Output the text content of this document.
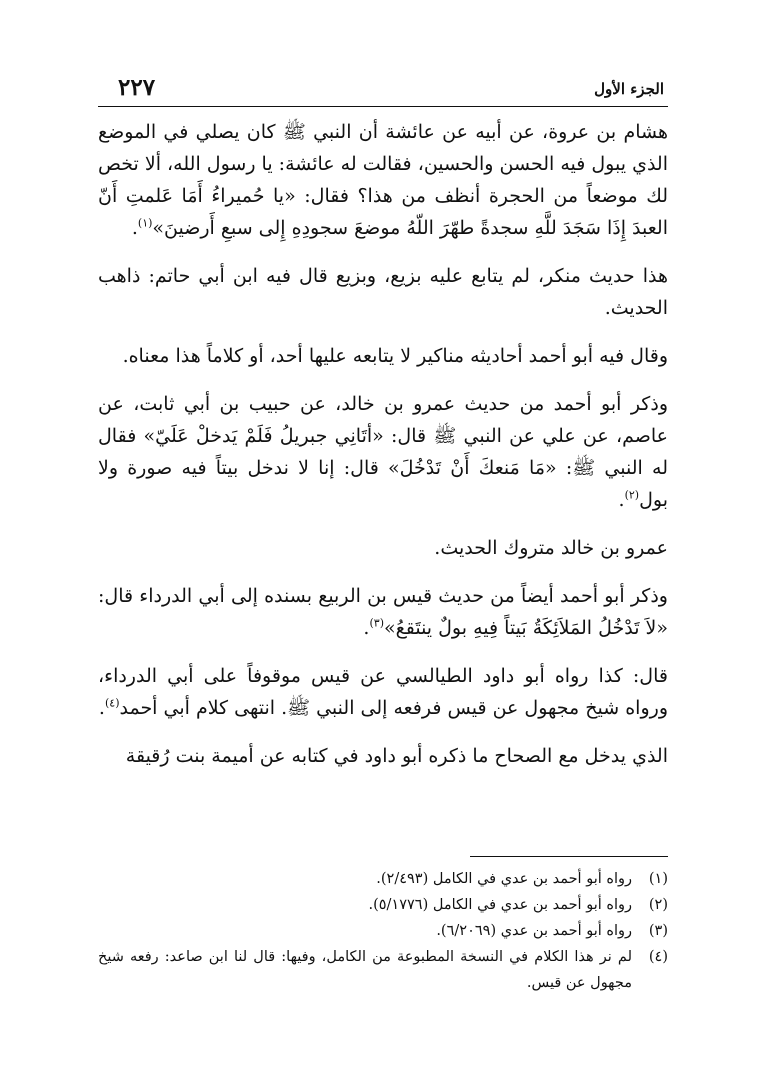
٢٢٧	الجزء الأول

هشام بن عروة، عن أبيه عن عائشة أن النبي ﷺ كان يصلي في الموضع الذي يبول فيه الحسن والحسين، فقالت له عائشة: يا رسول الله، ألا تخص لك موضعاً من الحجرة أنظف من هذا؟ فقال: «يا حُميراءُ أَمَا عَلمتِ أَنّ العبدَ إِذَا سَجَدَ للَّهِ سجدةً طهّرَ اللّهُ موضعَ سجودِهِ إِلى سبعِ أَرضينَ»$^{(١)}$.

هذا حديث منكر، لم يتابع عليه بزيع، وبزيع قال فيه ابن أبي حاتم: ذاهب الحديث.

وقال فيه أبو أحمد أحاديثه مناكير لا يتابعه عليها أحد، أو كلاماً هذا معناه.

وذكر أبو أحمد من حديث عمرو بن خالد، عن حبيب بن أبي ثابت، عن عاصم، عن علي عن النبي ﷺ قال: «أتَانِي جبريلُ فَلَمْ يَدخلْ عَلَيّ» فقال له النبي ﷺ: «مَا مَنعكَ أَنْ تَدْخُلَ» قال: إنا لا ندخل بيتاً فيه صورة ولا بول$^{(٢)}$.

عمرو بن خالد متروك الحديث.

وذكر أبو أحمد أيضاً من حديث قيس بن الربيع بسنده إلى أبي الدرداء قال: «لاَ تَدْخُلُ المَلاَئِكَةُ بَيتاً فِيهِ بولٌ ينتَقعُ»$^{(٣)}$.

قال: كذا رواه أبو داود الطيالسي عن قيس موقوفاً على أبي الدرداء، ورواه شيخ مجهول عن قيس فرفعه إلى النبي ﷺ. انتهى كلام أبي أحمد$^{(٤)}$.

الذي يدخل مع الصحاح ما ذكره أبو داود في كتابه عن أميمة بنت رُقيقة

(١)
رواه أبو أحمد بن عدي في الكامل (٢/٤٩٣).
(٢)
رواه أبو أحمد بن عدي في الكامل (٥/١٧٧٦).
(٣)
رواه أبو أحمد بن عدي (٦/٢٠٦٩).
(٤)
لم نر هذا الكلام في النسخة المطبوعة من الكامل، وفيها: قال لنا ابن صاعد: رفعه شيخ مجهول عن قيس.
